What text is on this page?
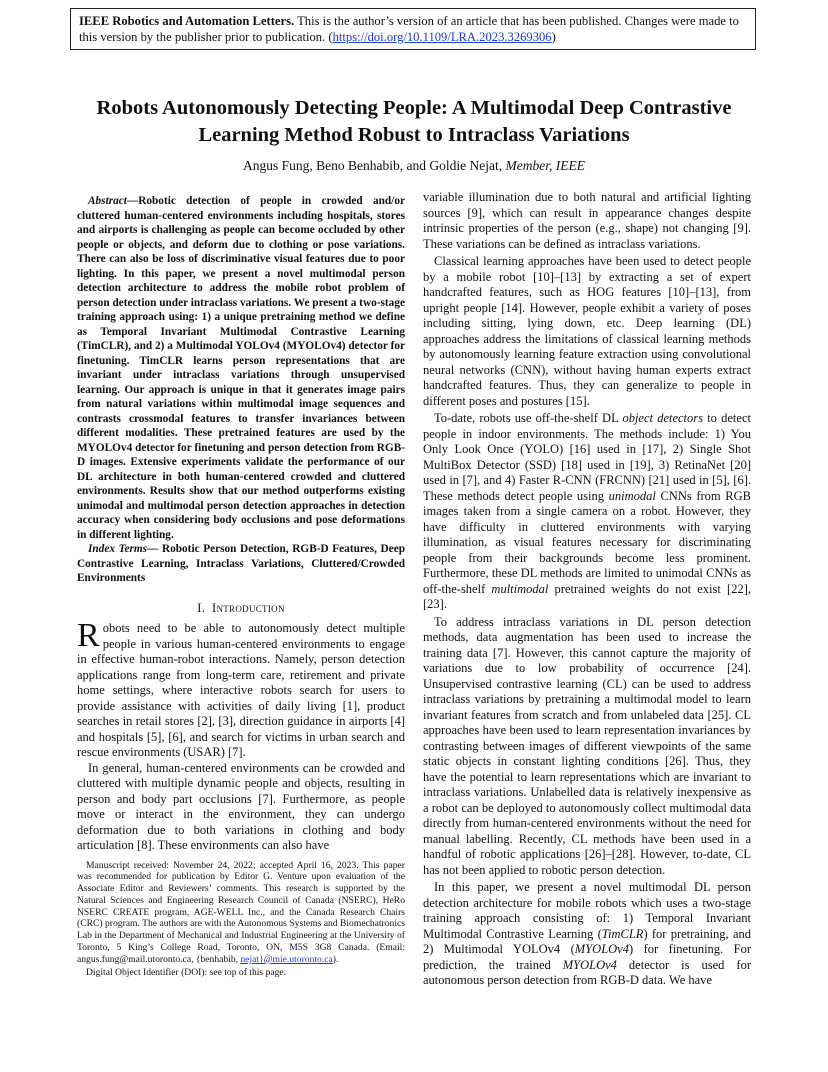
IEEE Robotics and Automation Letters. This is the author’s version of an article that has been published. Changes were made to this version by the publisher prior to publication. (https://doi.org/10.1109/LRA.2023.3269306)
Robots Autonomously Detecting People: A Multimodal Deep Contrastive Learning Method Robust to Intraclass Variations
Angus Fung, Beno Benhabib, and Goldie Nejat, Member, IEEE

Abstract—Robotic detection of people in crowded and/or cluttered human-centered environments including hospitals, stores and airports is challenging as people can become occluded by other people or objects, and deform due to clothing or pose variations. There can also be loss of discriminative visual features due to poor lighting. In this paper, we present a novel multimodal person detection architecture to address the mobile robot problem of person detection under intraclass variations. We present a two-stage training approach using: 1) a unique pretraining method we define as Temporal Invariant Multimodal Contrastive Learning (TimCLR), and 2) a Multimodal YOLOv4 (MYOLOv4) detector for finetuning. TimCLR learns person representations that are invariant under intraclass variations through unsupervised learning. Our approach is unique in that it generates image pairs from natural variations within multimodal image sequences and contrasts crossmodal features to transfer invariances between different modalities. These pretrained features are used by the MYOLOv4 detector for finetuning and person detection from RGB-D images. Extensive experiments validate the performance of our DL architecture in both human-centered crowded and cluttered environments. Results show that our method outperforms existing unimodal and multimodal person detection approaches in detection accuracy when considering body occlusions and pose deformations in different lighting.

Index Terms— Robotic Person Detection, RGB-D Features, Deep Contrastive Learning, Intraclass Variations, Cluttered/Crowded Environments

I. Introduction

Robots need to be able to autonomously detect multiple people in various human-centered environments to engage in effective human-robot interactions. Namely, person detection applications range from long-term care, retirement and private home settings, where interactive robots search for users to provide assistance with activities of daily living [1], product searches in retail stores [2], [3], direction guidance in airports [4] and hospitals [5], [6], and search for victims in urban search and rescue environments (USAR) [7].

In general, human-centered environments can be crowded and cluttered with multiple dynamic people and objects, resulting in person and body part occlusions [7]. Furthermore, as people move or interact in the environment, they can undergo deformation due to both variations in clothing and body articulation [8]. These environments can also have

Manuscript received: November 24, 2022; accepted April 16, 2023. This paper was recommended for publication by Editor G. Venture upon evaluation of the Associate Editor and Reviewers’ comments. This research is supported by the Natural Sciences and Engineering Research Council of Canada (NSERC), HeRo NSERC CREATE program, AGE-WELL Inc., and the Canada Research Chairs (CRC) program. The authors are with the Autonomous Systems and Biomechatronics Lab in the Department of Mechanical and Industrial Engineering at the University of Toronto, 5 King’s College Road, Toronto, ON, M5S 3G8 Canada. (Email: angus.fung@mail.utoronto.ca, {benhabib, nejat}@mie.utoronto.ca).

Digital Object Identifier (DOI): see top of this page.

variable illumination due to both natural and artificial lighting sources [9], which can result in appearance changes despite intrinsic properties of the person (e.g., shape) not changing [9]. These variations can be defined as intraclass variations.

Classical learning approaches have been used to detect people by a mobile robot [10]–[13] by extracting a set of expert handcrafted features, such as HOG features [10]–[13], from upright people [14]. However, people exhibit a variety of poses including sitting, lying down, etc. Deep learning (DL) approaches address the limitations of classical learning methods by autonomously learning feature extraction using convolutional neural networks (CNN), without having human experts extract handcrafted features. Thus, they can generalize to people in different poses and postures [15].

To-date, robots use off-the-shelf DL object detectors to detect people in indoor environments. The methods include: 1) You Only Look Once (YOLO) [16] used in [17], 2) Single Shot MultiBox Detector (SSD) [18] used in [19], 3) RetinaNet [20] used in [7], and 4) Faster R-CNN (FRCNN) [21] used in [5], [6]. These methods detect people using unimodal CNNs from RGB images taken from a single camera on a robot. However, they have difficulty in cluttered environments with varying illumination, as visual features necessary for discriminating people from their backgrounds become less prominent. Furthermore, these DL methods are limited to unimodal CNNs as off-the-shelf multimodal pretrained weights do not exist [22], [23].

To address intraclass variations in DL person detection methods, data augmentation has been used to increase the training data [7]. However, this cannot capture the majority of variations due to low probability of occurrence [24]. Unsupervised contrastive learning (CL) can be used to address intraclass variations by pretraining a multimodal model to learn invariant features from scratch and from unlabeled data [25]. CL approaches have been used to learn representation invariances by contrasting between images of different viewpoints of the same static objects in constant lighting conditions [26]. Thus, they have the potential to learn representations which are invariant to intraclass variations. Unlabelled data is relatively inexpensive as a robot can be deployed to autonomously collect multimodal data directly from human-centered environments without the need for manual labelling. Recently, CL methods have been used in a handful of robotic applications [26]–[28]. However, to-date, CL has not been applied to robotic person detection.

In this paper, we present a novel multimodal DL person detection architecture for mobile robots which uses a two-stage training approach consisting of: 1) Temporal Invariant Multimodal Contrastive Learning (TimCLR) for pretraining, and 2) Multimodal YOLOv4 (MYOLOv4) for finetuning. For prediction, the trained MYOLOv4 detector is used for autonomous person detection from RGB-D data. We have
